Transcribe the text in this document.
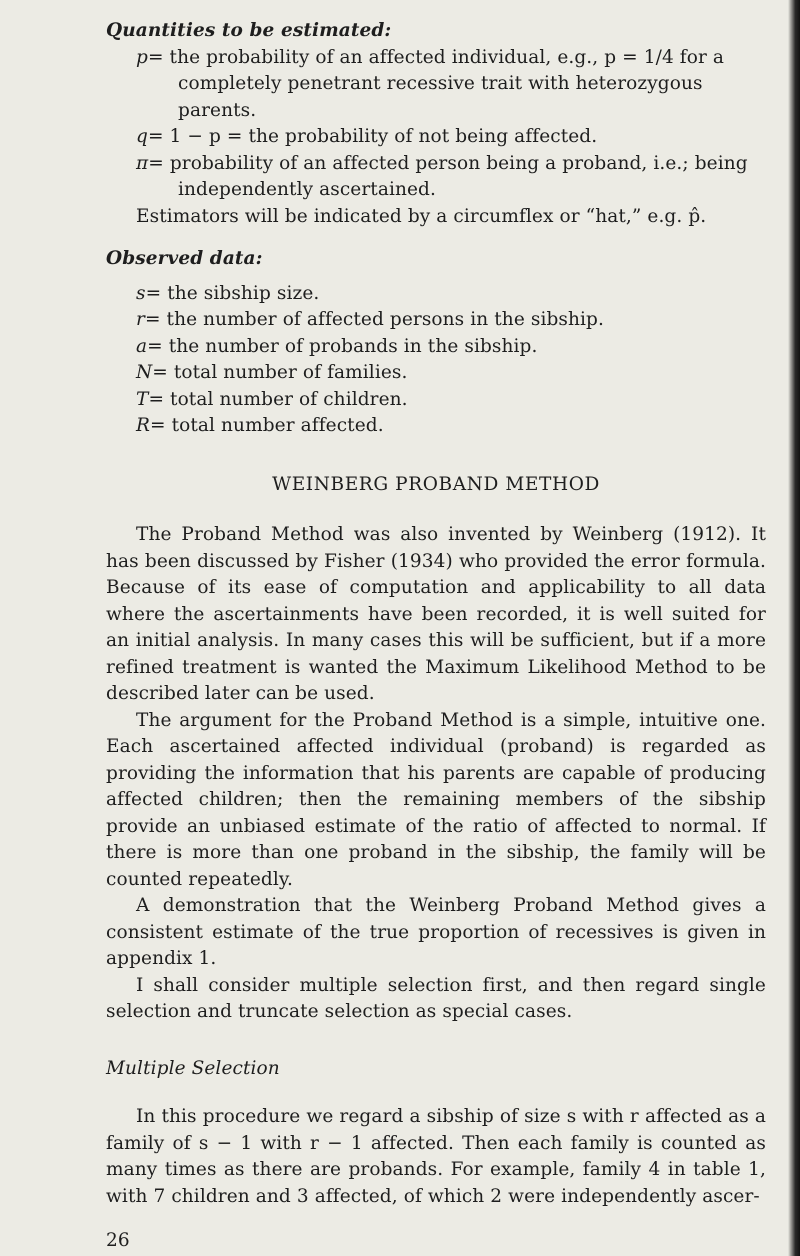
Quantities to be estimated:

p= the probability of an affected individual, e.g., p = 1/4 for a completely penetrant recessive trait with heterozygous parents.

q= 1 − p = the probability of not being affected.

π= probability of an affected person being a proband, i.e.; being independently ascertained.

Estimators will be indicated by a circumflex or “hat,” e.g. p̂.

Observed data:

s= the sibship size.

r= the number of affected persons in the sibship.

a= the number of probands in the sibship.

N= total number of families.

T= total number of children.

R= total number affected.

WEINBERG PROBAND METHOD

The Proband Method was also invented by Weinberg (1912). It has been discussed by Fisher (1934) who provided the error formula. Because of its ease of computation and applicability to all data where the ascertainments have been recorded, it is well suited for an initial analysis. In many cases this will be sufficient, but if a more refined treatment is wanted the Maximum Likelihood Method to be described later can be used.

The argument for the Proband Method is a simple, intuitive one. Each ascertained affected individual (proband) is regarded as providing the information that his parents are capable of producing affected children; then the remaining members of the sibship provide an unbiased estimate of the ratio of affected to normal. If there is more than one proband in the sibship, the family will be counted repeatedly.

A demonstration that the Weinberg Proband Method gives a consistent estimate of the true proportion of recessives is given in appendix 1.

I shall consider multiple selection first, and then regard single selection and truncate selection as special cases.

Multiple Selection

In this procedure we regard a sibship of size s with r affected as a family of s − 1 with r − 1 affected. Then each family is counted as many times as there are probands. For example, family 4 in table 1, with 7 children and 3 affected, of which 2 were independently ascer-

26
